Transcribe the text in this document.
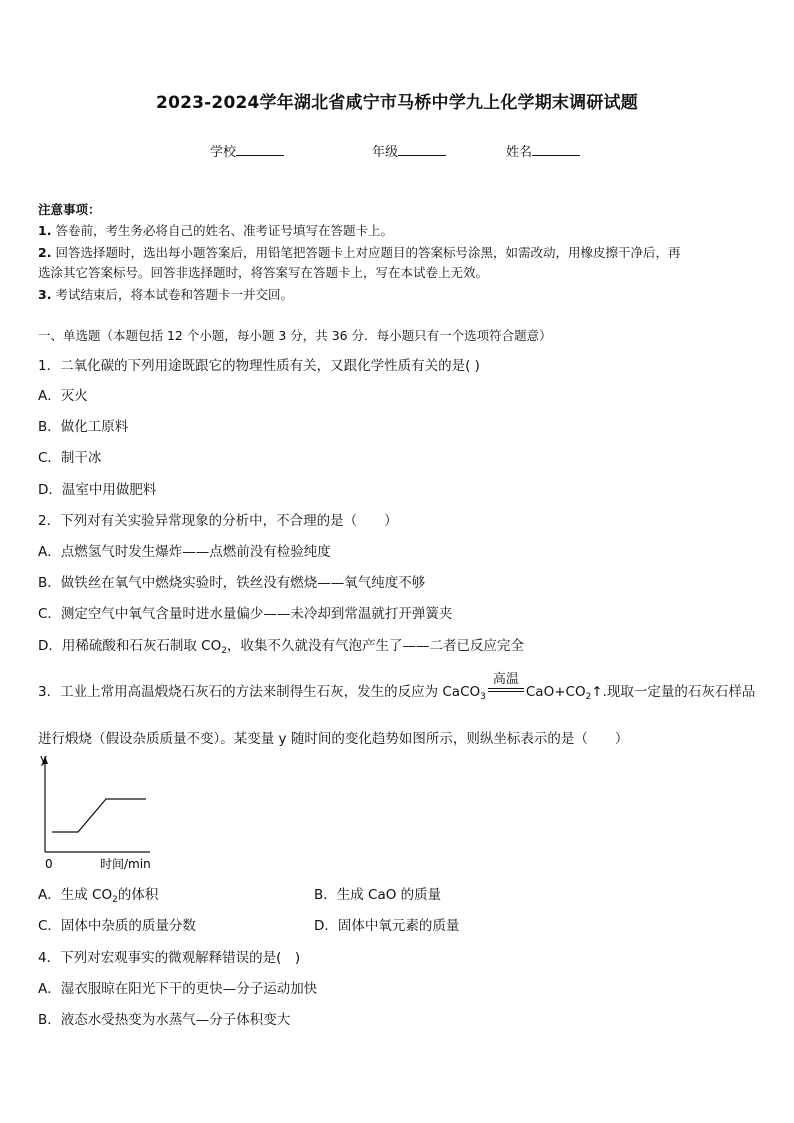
2023-2024学年湖北省咸宁市马桥中学九上化学期末调研试题
学校	年级	姓名
注意事项：
1. 答卷前，考生务必将自己的姓名、准考证号填写在答题卡上。
2. 回答选择题时，选出每小题答案后，用铅笔把答题卡上对应题目的答案标号涂黑，如需改动，用橡皮擦干净后，再
选涂其它答案标号。回答非选择题时，将答案写在答题卡上，写在本试卷上无效。
3. 考试结束后，将本试卷和答题卡一并交回。
一、单选题（本题包括 12 个小题，每小题 3 分，共 36 分．每小题只有一个选项符合题意）
1．二氧化碳的下列用途既跟它的物理性质有关，又跟化学性质有关的是( )
A．灭火
B．做化工原料
C．制干冰
D．温室中用做肥料
2．下列对有关实验异常现象的分析中，不合理的是（　　）
A．点燃氢气时发生爆炸——点燃前没有检验纯度
B．做铁丝在氧气中燃烧实验时，铁丝没有燃烧——氧气纯度不够
C．测定空气中氧气含量时进水量偏少——未冷却到常温就打开弹簧夹
D．用稀硫酸和石灰石制取 $CO_2$，收集不久就没有气泡产生了——二者已反应完全
3．工业上常用高温煅烧石灰石的方法来制得生石灰，发生的反应为 CaCO$_3$
高温
$CaO+CO_2↑$.现取一定量的石灰石样品
进行煅烧（假设杂质质量不变）。某变量 y 随时间的变化趋势如图所示，则纵坐标表示的是（　　）
y
0	时间/min
A．生成 $CO_2$的体积	B．生成 CaO 的质量
C．固体中杂质的质量分数	D．固体中氧元素的质量
4．下列对宏观事实的微观解释错误的是(　)
A．湿衣服晾在阳光下干的更快—分子运动加快
B．液态水受热变为水蒸气—分子体积变大
